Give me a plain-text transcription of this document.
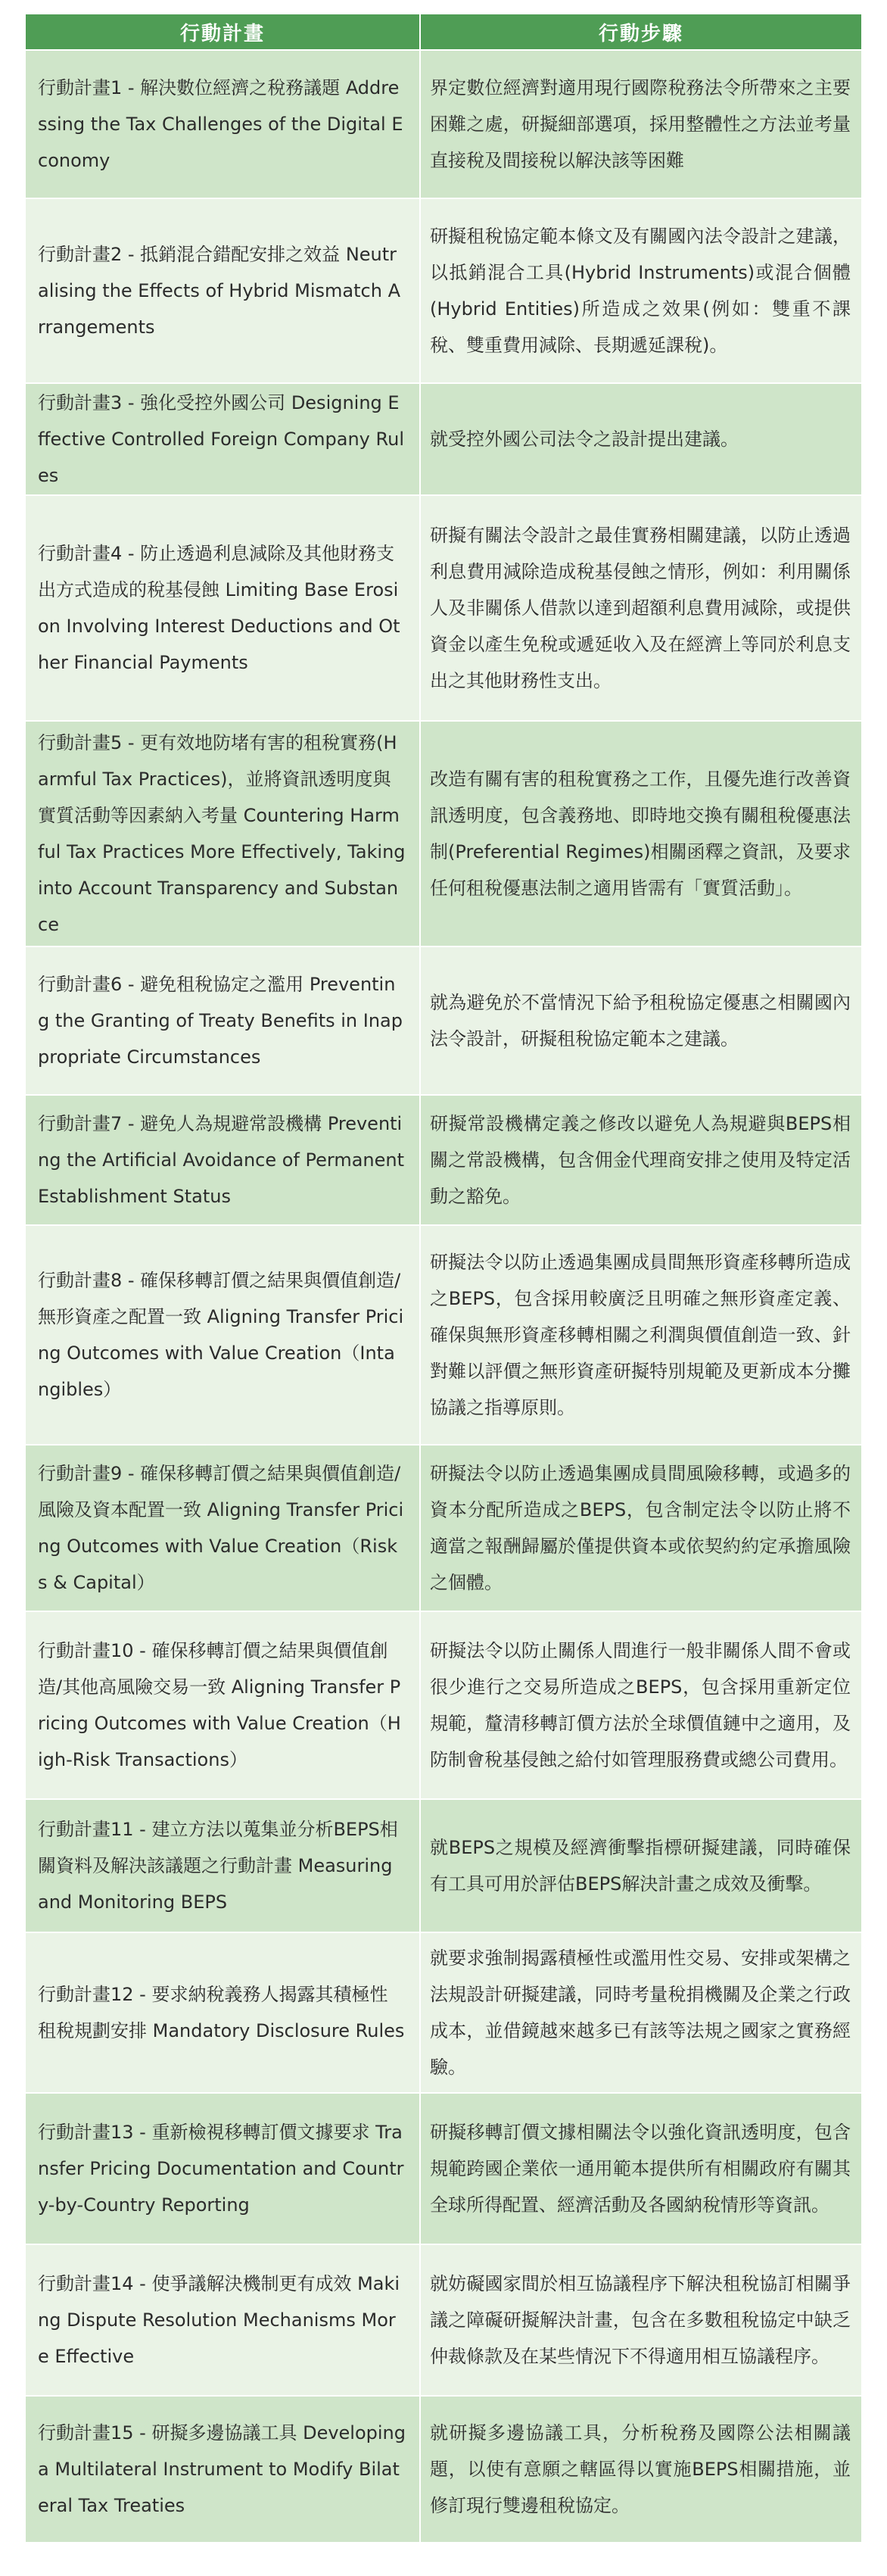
行動計畫	行動步驟

行動計畫1 - 解決數位經濟之稅務議題 Addressing the Tax Challenges of the Digital Economy	界定數位經濟對適用現行國際稅務法令所帶來之主要困難之處，研擬細部選項，採用整體性之方法並考量直接稅及間接稅以解決該等困難

行動計畫2 - 抵銷混合錯配安排之效益 Neutralising the Effects of Hybrid Mismatch Arrangements	研擬租稅協定範本條文及有關國內法令設計之建議，以抵銷混合工具(Hybrid Instruments)或混合個體(Hybrid Entities)所造成之效果(例如：雙重不課稅、雙重費用減除、長期遞延課稅)。

行動計畫3 - 強化受控外國公司 Designing Effective Controlled Foreign Company Rules	就受控外國公司法令之設計提出建議。

行動計畫4 - 防止透過利息減除及其他財務支出方式造成的稅基侵蝕 Limiting Base Erosion Involving Interest Deductions and Other Financial Payments	研擬有關法令設計之最佳實務相關建議，以防止透過利息費用減除造成稅基侵蝕之情形，例如：利用關係人及非關係人借款以達到超額利息費用減除，或提供資金以產生免稅或遞延收入及在經濟上等同於利息支出之其他財務性支出。

行動計畫5 - 更有效地防堵有害的租稅實務(Harmful Tax Practices)，並將資訊透明度與實質活動等因素納入考量 Countering Harmful Tax Practices More Effectively, Taking into Account Transparency and Substance	改造有關有害的租稅實務之工作，且優先進行改善資訊透明度，包含義務地、即時地交換有關租稅優惠法制(Preferential Regimes)相關函釋之資訊，及要求任何租稅優惠法制之適用皆需有「實質活動」。

行動計畫6 - 避免租稅協定之濫用 Preventing the Granting of Treaty Benefits in Inappropriate Circumstances	就為避免於不當情況下給予租稅協定優惠之相關國內法令設計，研擬租稅協定範本之建議。

行動計畫7 - 避免人為規避常設機構 Preventing the Artificial Avoidance of Permanent Establishment Status	研擬常設機構定義之修改以避免人為規避與BEPS相關之常設機構，包含佣金代理商安排之使用及特定活動之豁免。

行動計畫8 - 確保移轉訂價之結果與價值創造/無形資產之配置一致 Aligning Transfer Pricing Outcomes with Value Creation（Intangibles）	研擬法令以防止透過集團成員間無形資產移轉所造成之BEPS，包含採用較廣泛且明確之無形資產定義、確保與無形資產移轉相關之利潤與價值創造一致、針對難以評價之無形資產研擬特別規範及更新成本分攤協議之指導原則。

行動計畫9 - 確保移轉訂價之結果與價值創造/風險及資本配置一致 Aligning Transfer Pricing Outcomes with Value Creation（Risks & Capital）	研擬法令以防止透過集團成員間風險移轉，或過多的資本分配所造成之BEPS，包含制定法令以防止將不適當之報酬歸屬於僅提供資本或依契約約定承擔風險之個體。

行動計畫10 - 確保移轉訂價之結果與價值創造/其他高風險交易一致 Aligning Transfer Pricing Outcomes with Value Creation（High-Risk Transactions）	研擬法令以防止關係人間進行一般非關係人間不會或很少進行之交易所造成之BEPS，包含採用重新定位規範，釐清移轉訂價方法於全球價值鏈中之適用，及防制會稅基侵蝕之給付如管理服務費或總公司費用。

行動計畫11 - 建立方法以蒐集並分析BEPS相關資料及解決該議題之行動計畫 Measuring and Monitoring BEPS	就BEPS之規模及經濟衝擊指標研擬建議，同時確保有工具可用於評估BEPS解決計畫之成效及衝擊。

行動計畫12 - 要求納稅義務人揭露其積極性租稅規劃安排 Mandatory Disclosure Rules	就要求強制揭露積極性或濫用性交易、安排或架構之法規設計研擬建議，同時考量稅捐機關及企業之行政成本，並借鏡越來越多已有該等法規之國家之實務經驗。

行動計畫13 - 重新檢視移轉訂價文據要求 Transfer Pricing Documentation and Country-by-Country Reporting	研擬移轉訂價文據相關法令以強化資訊透明度，包含規範跨國企業依一通用範本提供所有相關政府有關其全球所得配置、經濟活動及各國納稅情形等資訊。

行動計畫14 - 使爭議解決機制更有成效 Making Dispute Resolution Mechanisms More Effective	就妨礙國家間於相互協議程序下解決租稅協訂相關爭議之障礙研擬解決計畫，包含在多數租稅協定中缺乏仲裁條款及在某些情況下不得適用相互協議程序。

行動計畫15 - 研擬多邊協議工具 Developing a Multilateral Instrument to Modify Bilateral Tax Treaties	就研擬多邊協議工具，分析稅務及國際公法相關議題，以使有意願之轄區得以實施BEPS相關措施，並修訂現行雙邊租稅協定。
